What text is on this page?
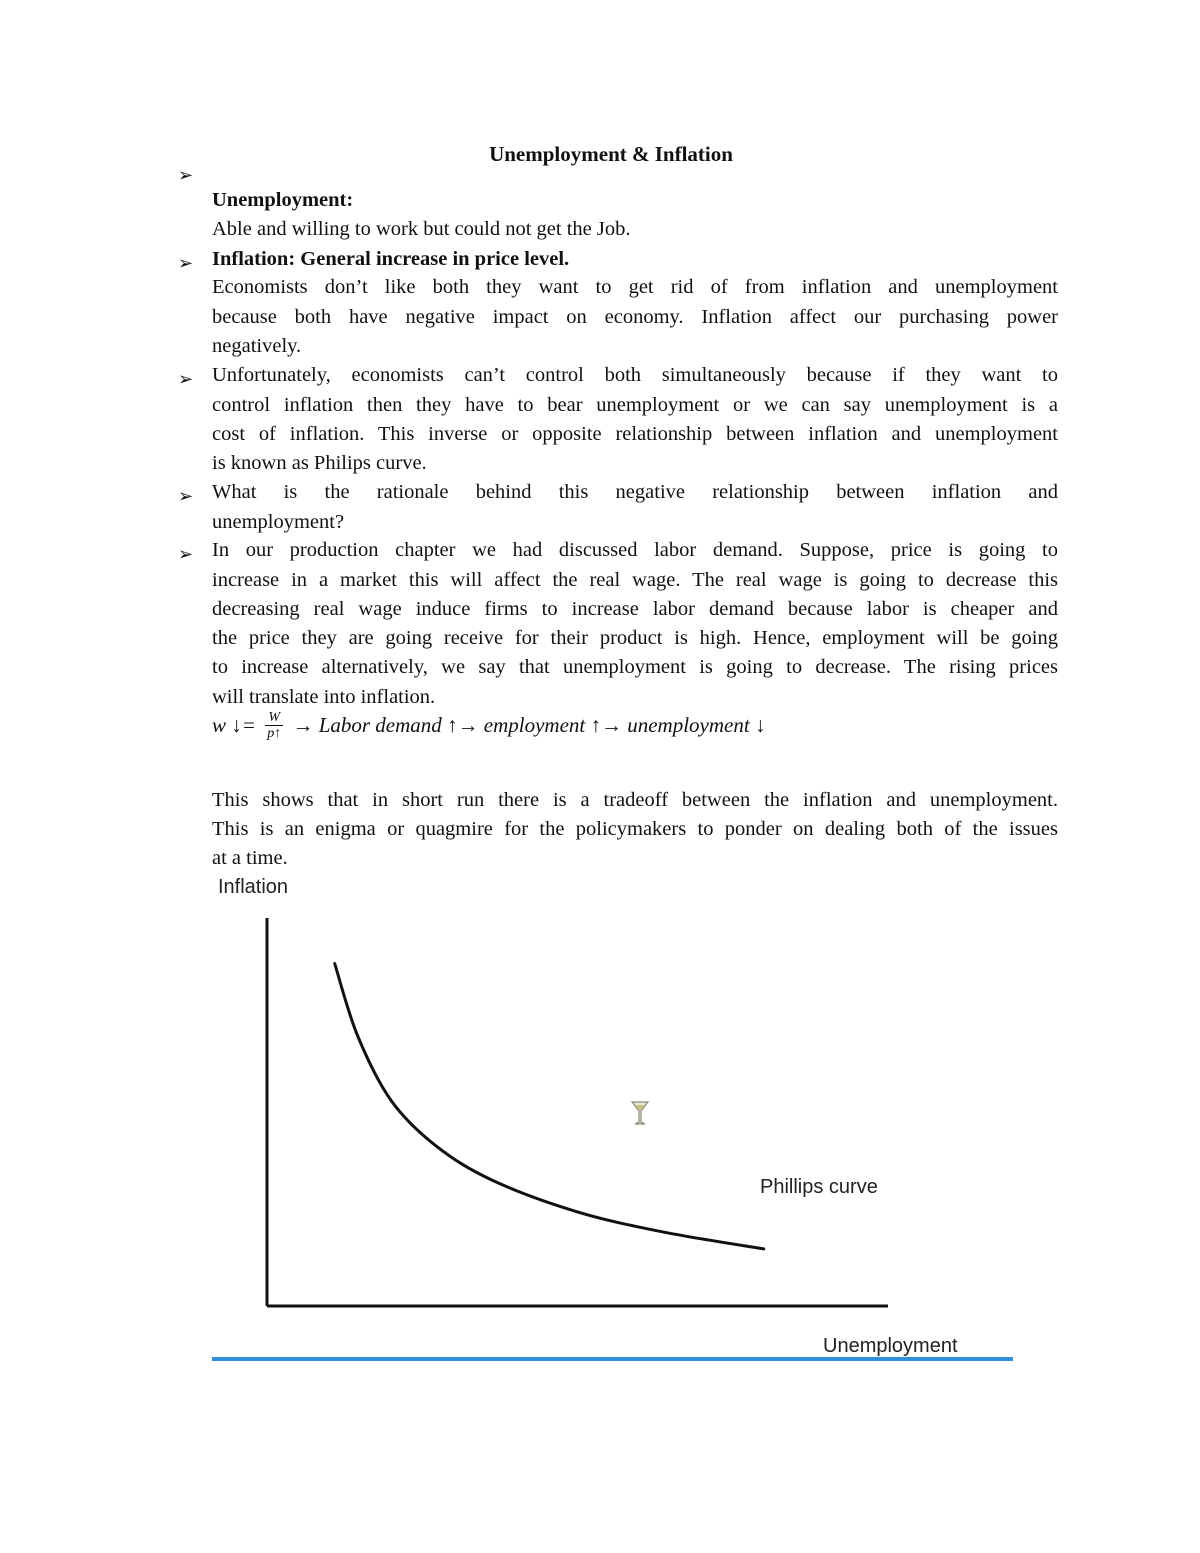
Unemployment & Inflation
➢
Unemployment:
Able and willing to work but could not get the Job.
➢ Inflation: General increase in price level.
Economists don’t like both they want to get rid of from inflation and unemployment
because both have negative impact on economy. Inflation affect our purchasing power
negatively.
➢ Unfortunately, economists can’t control both simultaneously because if they want to
control inflation then they have to bear unemployment or we can say unemployment is a
cost of inflation. This inverse or opposite relationship between inflation and unemployment
is known as Philips curve.
➢ What is the rationale behind this negative relationship between inflation and
unemployment?
➢ In our production chapter we had discussed labor demand. Suppose, price is going to
increase in a market this will affect the real wage. The real wage is going to decrease this
decreasing real wage induce firms to increase labor demand because labor is cheaper and
the price they are going receive for their product is high. Hence, employment will be going
to increase alternatively, we say that unemployment is going to decrease. The rising prices
will translate into inflation.
w ↓= $\frac{W}{p↑}$ → Labor demand ↑→ employment ↑→ unemployment ↓
This shows that in short run there is a tradeoff between the inflation and unemployment.
This is an enigma or quagmire for the policymakers to ponder on dealing both of the issues
at a time.
Inflation
Unemployment
Phillips curve
